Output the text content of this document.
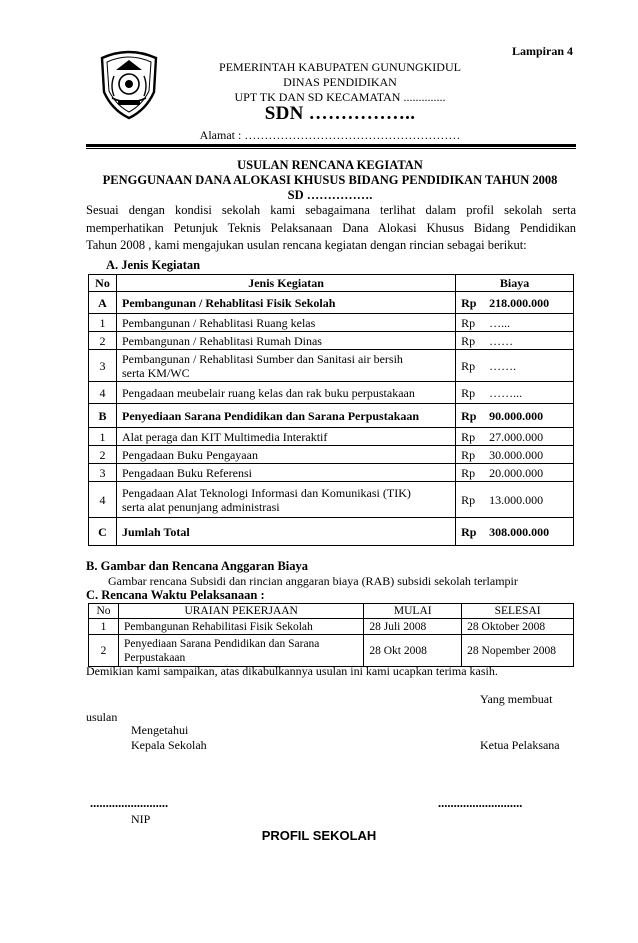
Lampiran 4
PEMERINTAH KABUPATEN GUNUNGKIDUL
DINAS PENDIDIKAN
UPT TK DAN SD KECAMATAN ..............
SDN ……………..
Alamat : ………………………………………………
USULAN RENCANA KEGIATAN
PENGGUNAAN DANA ALOKASI KHUSUS BIDANG PENDIDIKAN TAHUN 2008
SD …………….
Sesuai dengan kondisi sekolah kami sebagaimana terlihat dalam profil sekolah serta
memperhatikan Petunjuk Teknis Pelaksanaan Dana Alokasi Khusus Bidang Pendidikan
Tahun 2008 , kami mengajukan usulan rencana kegiatan dengan rincian sebagai berikut:
A. Jenis Kegiatan
No	Jenis Kegiatan	Biaya
A	Pembangunan / Rehablitasi Fisik Sekolah	Rp 218.000.000
1	Pembangunan / Rehablitasi Ruang kelas	Rp …...
2	Pembangunan / Rehablitasi Rumah Dinas	Rp ……
3	Pembangunan / Rehablitasi Sumber dan Sanitasi air bersih
serta KM/WC	Rp …….
4	Pengadaan meubelair ruang kelas dan rak buku perpustakaan	Rp ……...
B	Penyediaan Sarana Pendidikan dan Sarana Perpustakaan	Rp 90.000.000
1	Alat peraga dan KIT Multimedia Interaktif	Rp 27.000.000
2	Pengadaan Buku Pengayaan	Rp 30.000.000
3	Pengadaan Buku Referensi	Rp 20.000.000
4	Pengadaan Alat Teknologi Informasi dan Komunikasi (TIK)
serta alat penunjang administrasi	Rp 13.000.000
C	Jumlah Total	Rp 308.000.000
B. Gambar dan Rencana Anggaran Biaya
Gambar rencana Subsidi dan rincian anggaran biaya (RAB) subsidi sekolah terlampir
C. Rencana Waktu Pelaksanaan :
No	URAIAN PEKERJAAN	MULAI	SELESAI
1	Pembangunan Rehabilitasi Fisik Sekolah	28 Juli 2008	28 Oktober 2008
2	Penyediaan Sarana Pendidikan dan Sarana
Perpustakaan	28 Okt 2008	28 Nopember 2008
Demikian kami sampaikan, atas dikabulkannya usulan ini kami ucapkan terima kasih.
Yang membuat
usulan
Mengetahui
Kepala Sekolah	Ketua Pelaksana
.........................	...........................
NIP
PROFIL SEKOLAH
